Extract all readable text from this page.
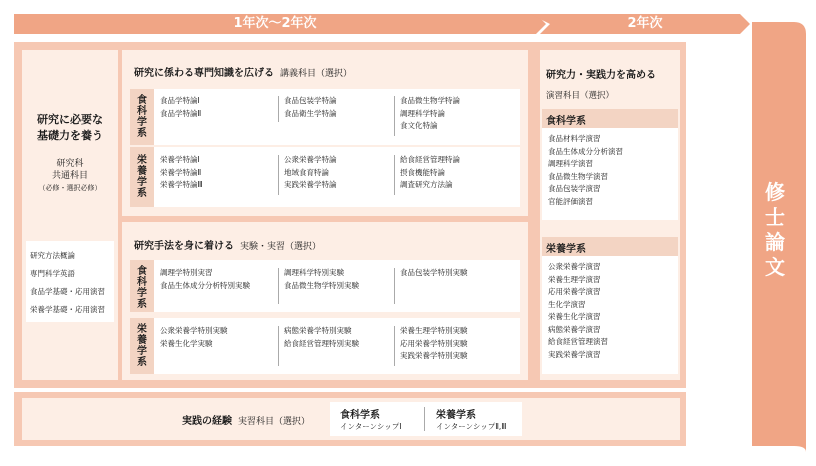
1年次～2年次	2年次
修士論文
研究に必要な
基礎力を養う
研究科
共通科目
（必修・選択必修）
研究方法概論
専門科学英語
食品学基礎・応用演習
栄養学基礎・応用演習
研究に係わる専門知識を広げる 講義科目（選択）
食科学系
食品学特論Ⅰ
食品学特論Ⅱ
食品包装学特論
食品衛生学特論
食品微生物学特論
調理科学特論
食文化特論
栄養学系
栄養学特論Ⅰ
栄養学特論Ⅱ
栄養学特論Ⅲ
公衆栄養学特論
地域食育特論
実践栄養学特論
給食経営管理特論
摂食機能特論
調査研究方法論
研究手法を身に着ける 実験・実習（選択）
食科学系
調理学特別実習
食品生体成分分析特別実験
調理科学特別実験
食品微生物学特別実験
食品包装学特別実験
栄養学系
公衆栄養学特別実験
栄養生化学実験
病態栄養学特別実験
給食経営管理特別実験
栄養生理学特別実験
応用栄養学特別実験
実践栄養学特別実験
研究力・実践力を高める
演習科目（選択）
食科学系
食品材料学演習
食品生体成分分析演習
調理科学演習
食品微生物学演習
食品包装学演習
官能評価演習
栄養学系
公衆栄養学演習
栄養生理学演習
応用栄養学演習
生化学演習
栄養生化学演習
病態栄養学演習
給食経営管理演習
実践栄養学演習
実践の経験 実習科目（選択）
食科学系
インターンシップⅠ
栄養学系
インターンシップⅡ,Ⅲ
